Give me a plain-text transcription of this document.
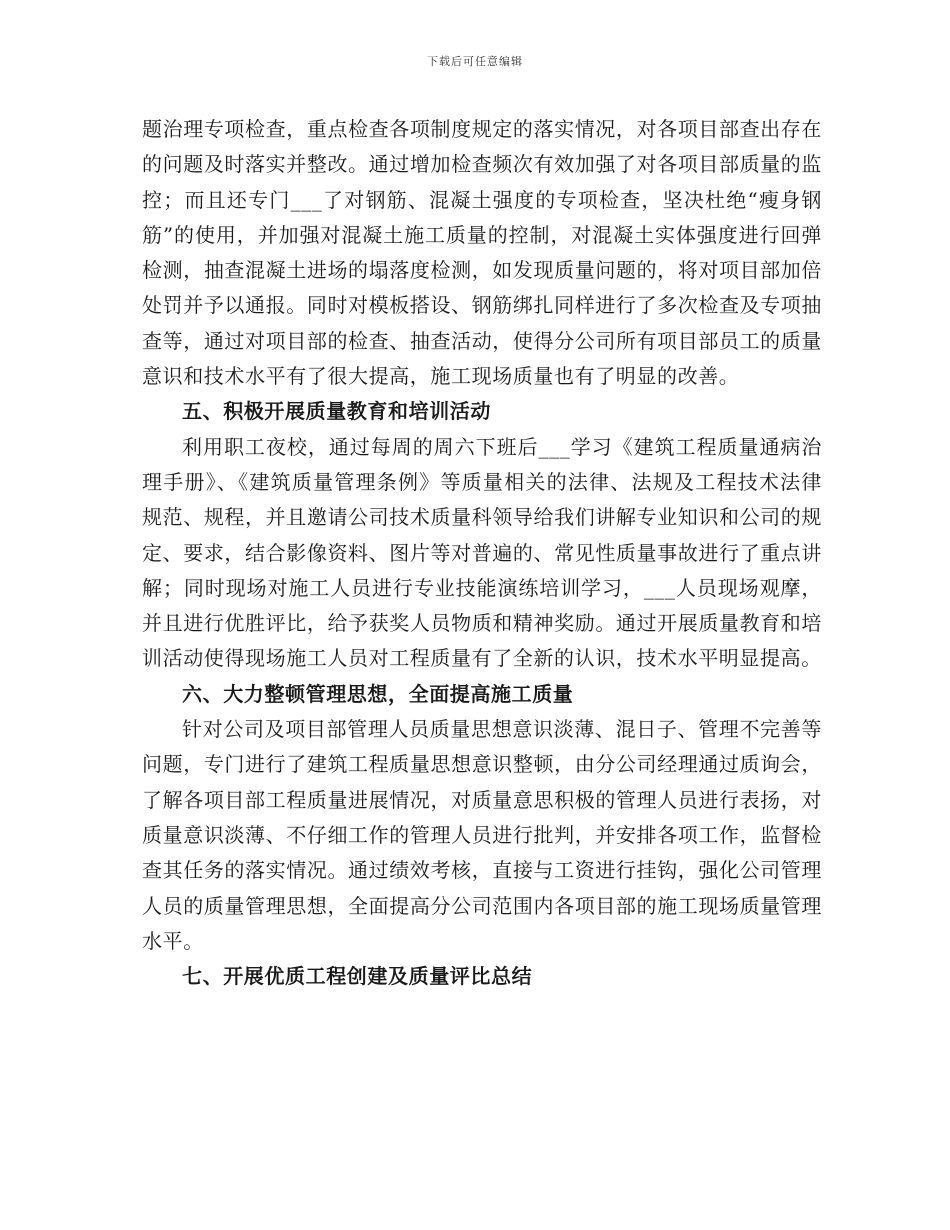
下载后可任意编辑

题治理专项检查，重点检查各项制度规定的落实情况，对各项目部查出存在的问题及时落实并整改。通过增加检查频次有效加强了对各项目部质量的监控；而且还专门___了对钢筋、混凝土强度的专项检查，坚决杜绝“瘦身钢筋”的使用，并加强对混凝土施工质量的控制，对混凝土实体强度进行回弹检测，抽查混凝土进场的塌落度检测，如发现质量问题的，将对项目部加倍处罚并予以通报。同时对模板搭设、钢筋绑扎同样进行了多次检查及专项抽查等，通过对项目部的检查、抽查活动，使得分公司所有项目部员工的质量意识和技术水平有了很大提高，施工现场质量也有了明显的改善。

五、积极开展质量教育和培训活动

利用职工夜校，通过每周的周六下班后___学习《建筑工程质量通病治理手册》、《建筑质量管理条例》等质量相关的法律、法规及工程技术法律规范、规程，并且邀请公司技术质量科领导给我们讲解专业知识和公司的规定、要求，结合影像资料、图片等对普遍的、常见性质量事故进行了重点讲解；同时现场对施工人员进行专业技能演练培训学习，___人员现场观摩，并且进行优胜评比，给予获奖人员物质和精神奖励。通过开展质量教育和培训活动使得现场施工人员对工程质量有了全新的认识，技术水平明显提高。

六、大力整顿管理思想，全面提高施工质量

针对公司及项目部管理人员质量思想意识淡薄、混日子、管理不完善等问题，专门进行了建筑工程质量思想意识整顿，由分公司经理通过质询会，了解各项目部工程质量进展情况，对质量意思积极的管理人员进行表扬，对质量意识淡薄、不仔细工作的管理人员进行批判，并安排各项工作，监督检查其任务的落实情况。通过绩效考核，直接与工资进行挂钩，强化公司管理人员的质量管理思想，全面提高分公司范围内各项目部的施工现场质量管理水平。

七、开展优质工程创建及质量评比总结
